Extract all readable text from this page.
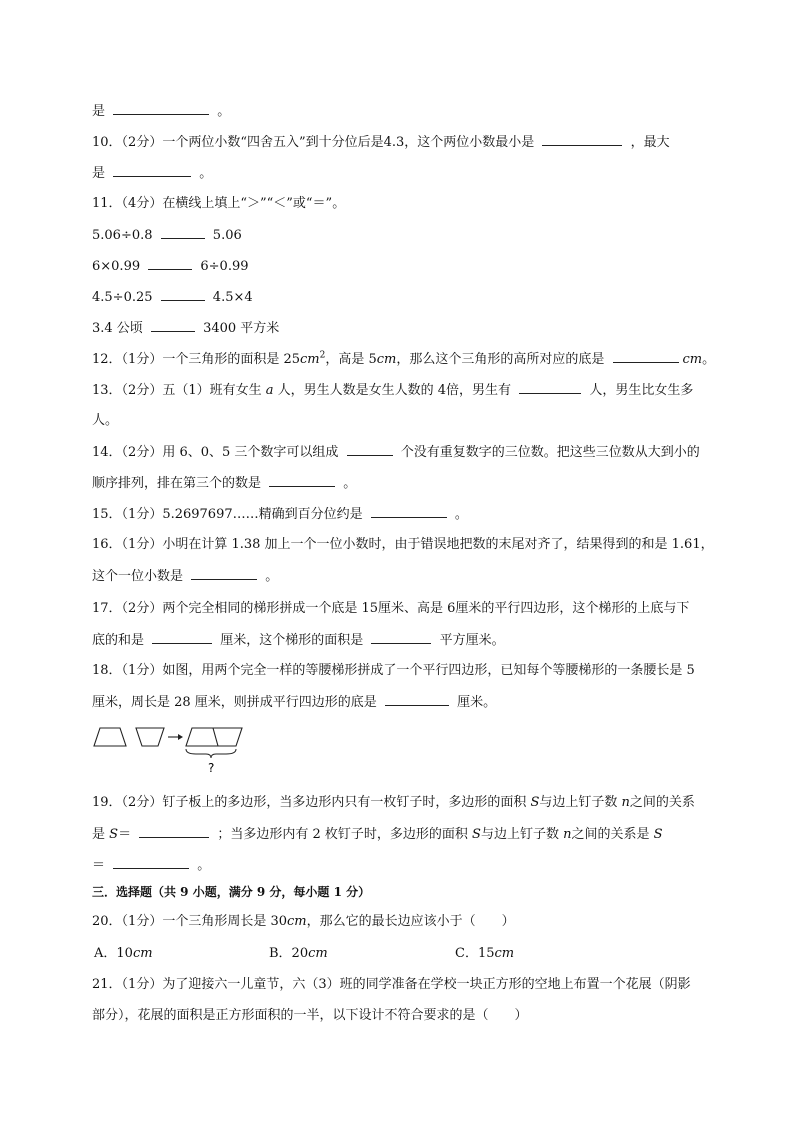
是	。
10．（2分）一个两位小数“四舍五入”到十分位后是4.3，这个两位小数最小是	，最大
是	。
11．（4分）在横线上填上“＞”“＜”或“＝”。
5.06÷0.8	5.06
6×0.99	6÷0.99
4.5÷0.25	4.5×4
3.4 公顷	3400 平方米
12．（1分）一个三角形的面积是 $25cm^2$，高是 5cm，那么这个三角形的高所对应的底是	cm。
13．（2分）五（1）班有女生 a 人，男生人数是女生人数的 4倍，男生有	人，男生比女生多
人。
14．（2分）用 6、0、5 三个数字可以组成	个没有重复数字的三位数。把这些三位数从大到小的
顺序排列，排在第三个的数是	。
15．（1分）5.2697697……精确到百分位约是	。
16．（1分）小明在计算 1.38 加上一个一位小数时，由于错误地把数的末尾对齐了，结果得到的和是 1.61，
这个一位小数是	。
17．（2分）两个完全相同的梯形拼成一个底是 15厘米、高是 6厘米的平行四边形，这个梯形的上底与下
底的和是	厘米，这个梯形的面积是	平方厘米。
18．（1分）如图，用两个完全一样的等腰梯形拼成了一个平行四边形，已知每个等腰梯形的一条腰长是 5
厘米，周长是 28 厘米，则拼成平行四边形的底是	厘米。
?
19．（2分）钉子板上的多边形，当多边形内只有一枚钉子时，多边形的面积 S与边上钉子数 n之间的关系
是 S＝	；当多边形内有 2 枚钉子时，多边形的面积 S与边上钉子数 n之间的关系是 S
＝	。
三．选择题（共 9 小题，满分 9 分，每小题 1 分）
20．（1分）一个三角形周长是 30cm，那么它的最长边应该小于（　　）
A．10cm	B．20cm	C．15cm
21．（1分）为了迎接六一儿童节，六（3）班的同学准备在学校一块正方形的空地上布置一个花展（阴影
部分），花展的面积是正方形面积的一半，以下设计不符合要求的是（　　）
